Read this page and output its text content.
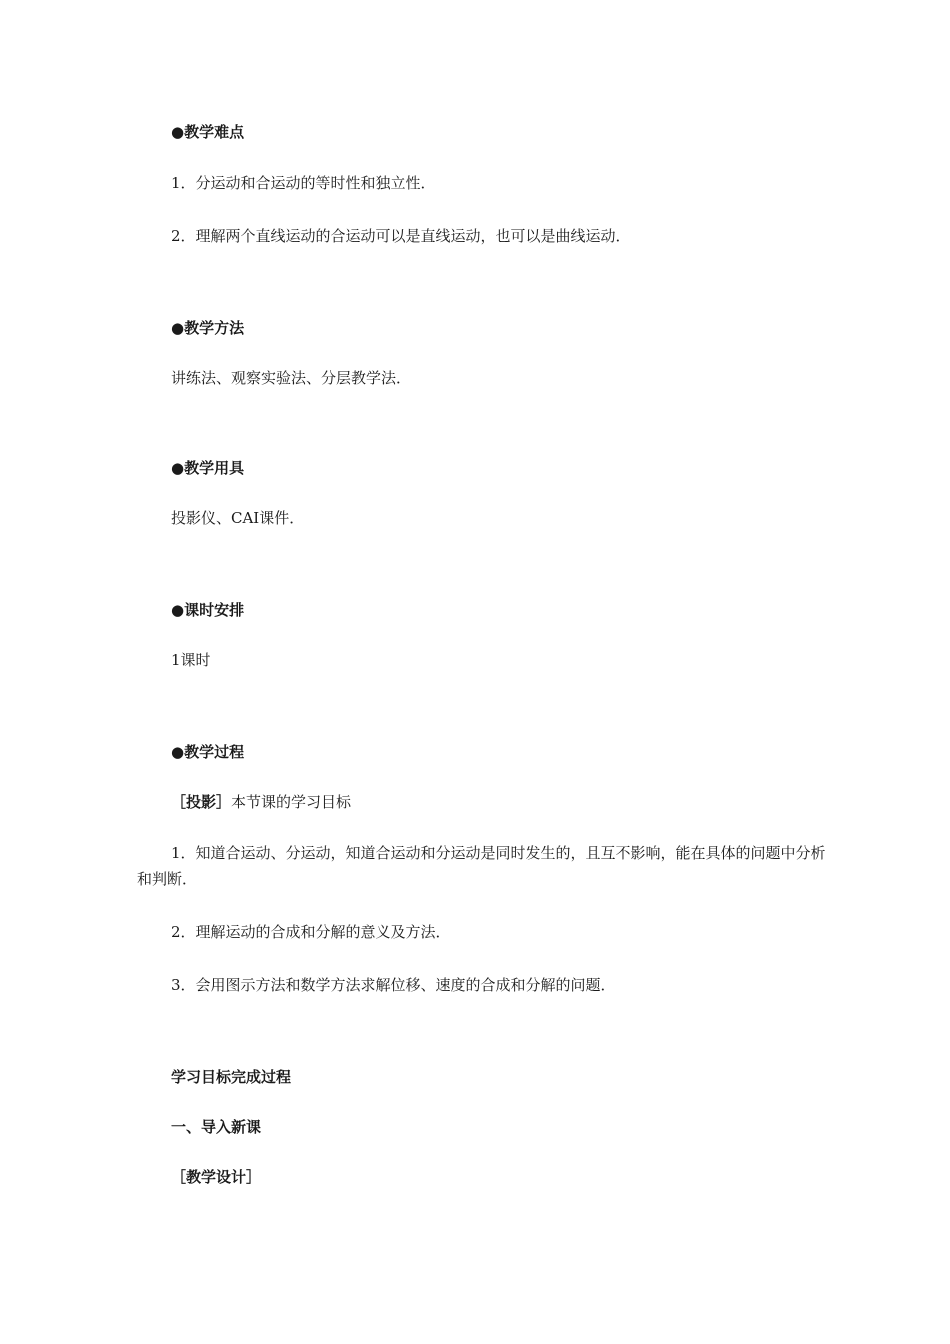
●教学难点
1．分运动和合运动的等时性和独立性．
2．理解两个直线运动的合运动可以是直线运动，也可以是曲线运动．
●教学方法
讲练法、观察实验法、分层教学法．
●教学用具
投影仪、CAI课件．
●课时安排
1课时
●教学过程
［投影］本节课的学习目标
1．知道合运动、分运动，知道合运动和分运动是同时发生的，且互不影响，能在具体的问题中分析和判断．
2．理解运动的合成和分解的意义及方法．
3．会用图示方法和数学方法求解位移、速度的合成和分解的问题．
学习目标完成过程
一、导入新课
［教学设计］
